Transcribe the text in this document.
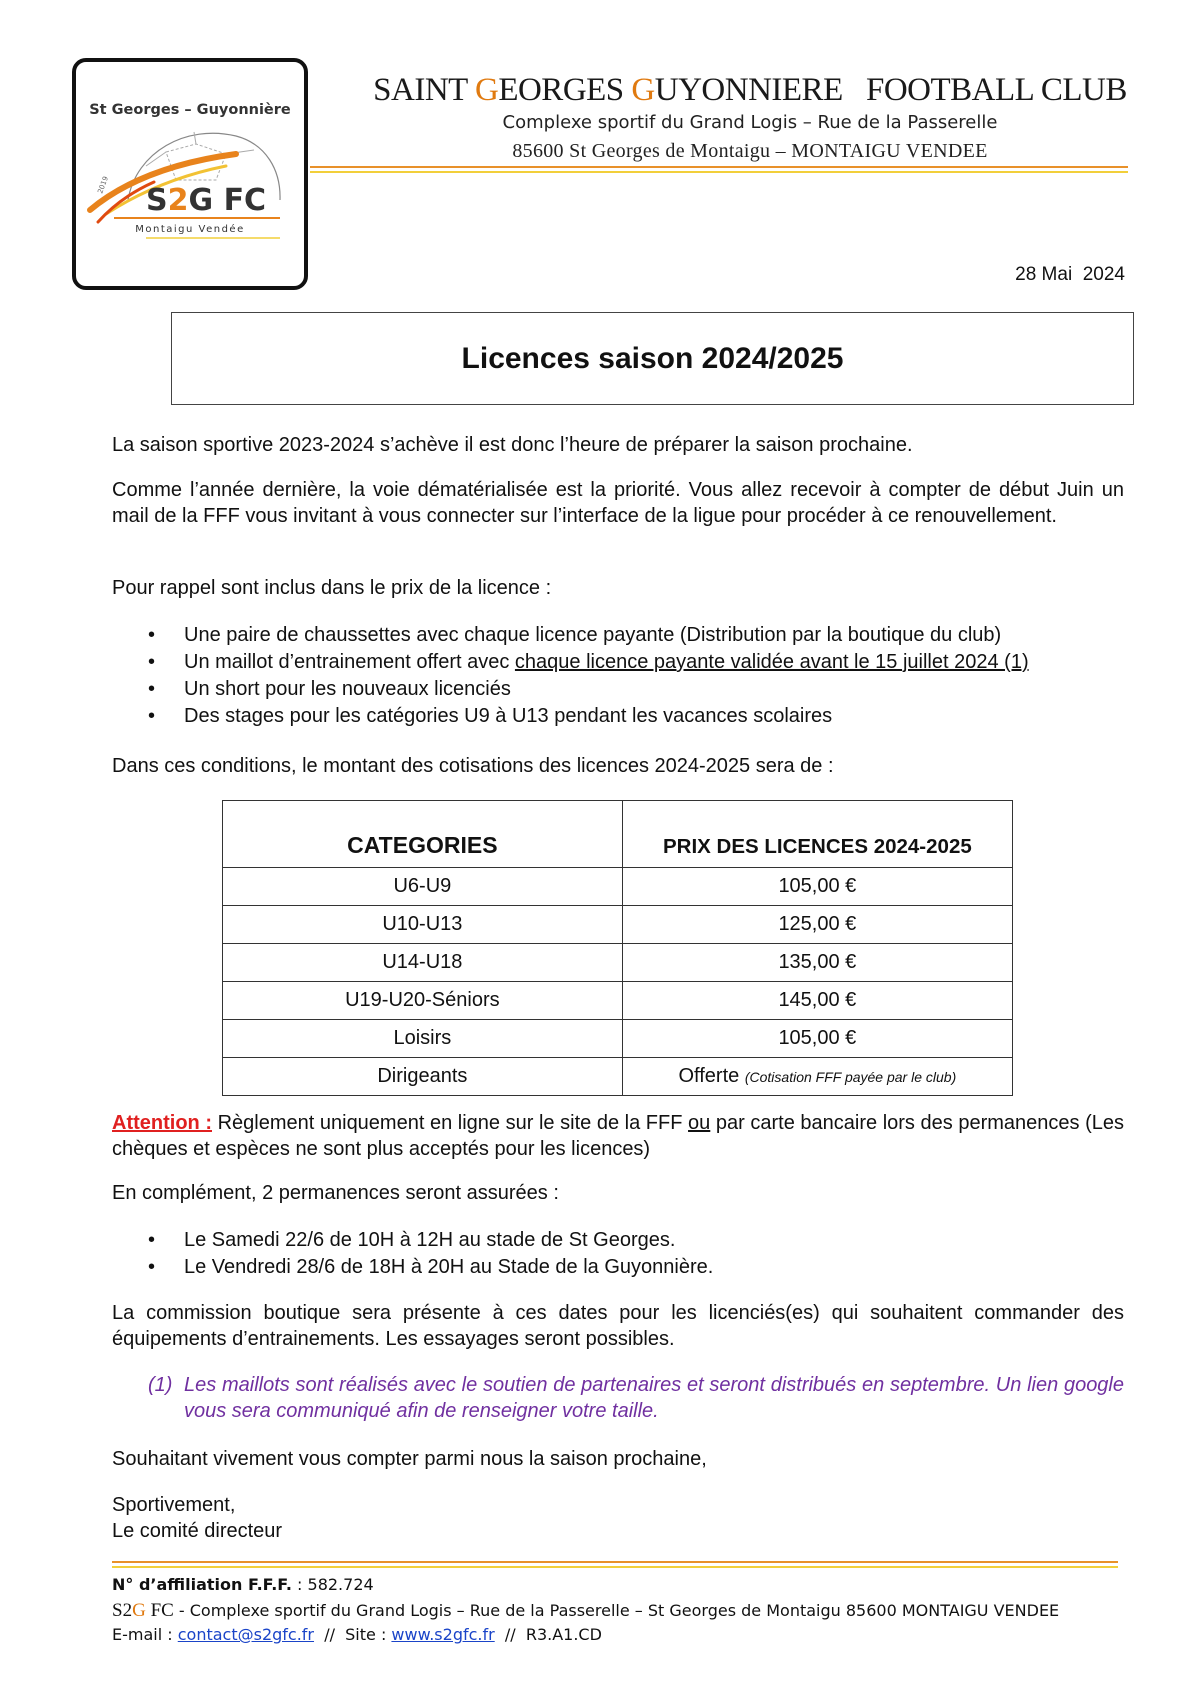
St Georges – Guyonnière
2019 S2G FC
Montaigu Vendée
SAINT GEORGES GUYONNIERE   FOOTBALL CLUB
Complexe sportif du Grand Logis – Rue de la Passerelle
85600 St Georges de Montaigu – MONTAIGU VENDEE
28 Mai  2024
Licences saison 2024/2025
La saison sportive 2023-2024 s’achève il est donc l’heure de préparer la saison prochaine.
Comme l’année dernière, la voie dématérialisée est la priorité. Vous allez recevoir à compter de début Juin un mail de la FFF vous invitant à vous connecter sur l’interface de la ligue pour procéder à ce renouvellement.
Pour rappel sont inclus dans le prix de la licence :
• Une paire de chaussettes avec chaque licence payante (Distribution par la boutique du club)
• Un maillot d’entrainement offert avec chaque licence payante validée avant le 15 juillet 2024 (1)
• Un short pour les nouveaux licenciés
• Des stages pour les catégories U9 à U13 pendant les vacances scolaires
Dans ces conditions, le montant des cotisations des licences 2024-2025 sera de :
CATEGORIES	PRIX DES LICENCES 2024-2025
U6-U9	105,00 €
U10-U13	125,00 €
U14-U18	135,00 €
U19-U20-Séniors	145,00 €
Loisirs	105,00 €
Dirigeants	Offerte (Cotisation FFF payée par le club)
Attention : Règlement uniquement en ligne sur le site de la FFF ou par carte bancaire lors des permanences (Les chèques et espèces ne sont plus acceptés pour les licences)
En complément, 2 permanences seront assurées :
• Le Samedi 22/6 de 10H à 12H au stade de St Georges.
• Le Vendredi 28/6 de 18H à 20H au Stade de la Guyonnière.
La commission boutique sera présente à ces dates pour les licenciés(es) qui souhaitent commander des équipements d’entrainements. Les essayages seront possibles.
(1) Les maillots sont réalisés avec le soutien de partenaires et seront distribués en septembre. Un lien google vous sera communiqué afin de renseigner votre taille.
Souhaitant vivement vous compter parmi nous la saison prochaine,
Sportivement,
Le comité directeur
N° d’affiliation F.F.F. : 582.724
S2G FC - Complexe sportif du Grand Logis – Rue de la Passerelle – St Georges de Montaigu 85600 MONTAIGU VENDEE
E-mail : contact@s2gfc.fr  //  Site : www.s2gfc.fr  //  R3.A1.CD
